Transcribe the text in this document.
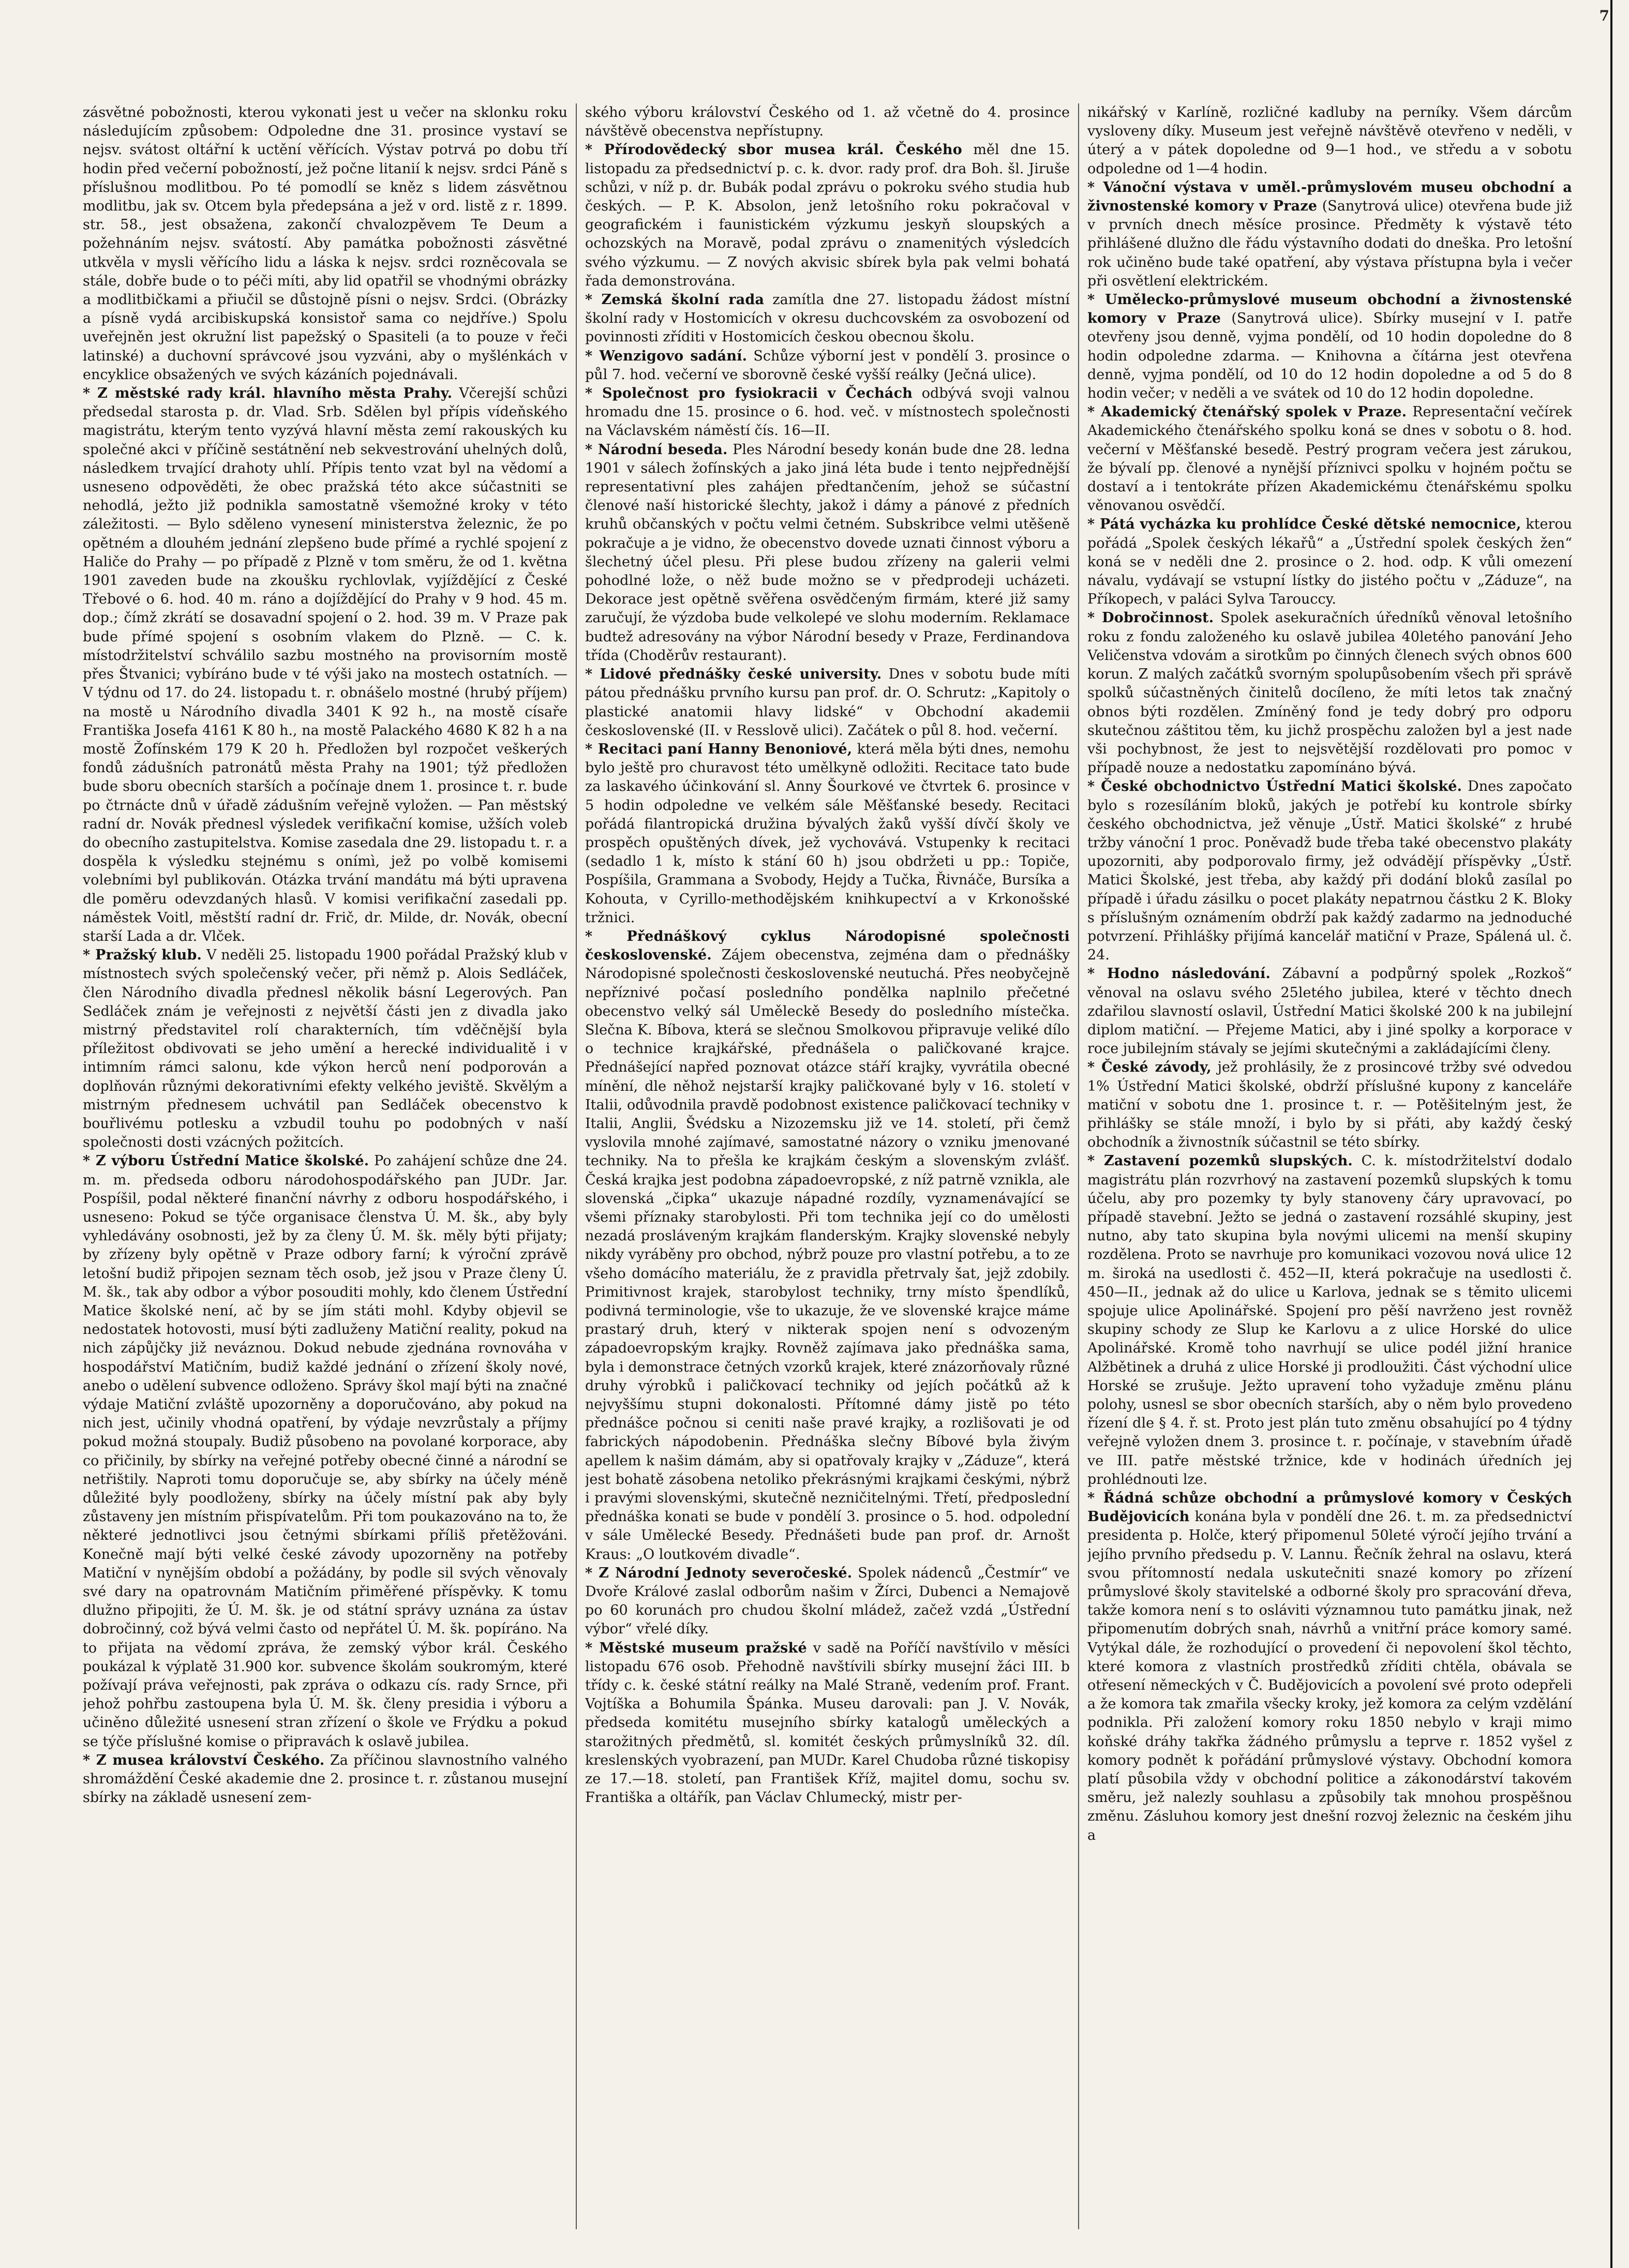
7

zásvětné pobožnosti, kterou vykonati jest u večer na sklonku roku následujícím způsobem: Odpoledne dne 31. prosince vystaví se nejsv. svátost oltářní k uctění věřících. Výstav potrvá po dobu tří hodin před večerní pobožností, jež počne litanií k nejsv. srdci Páně s příslušnou modlitbou. Po té pomodlí se kněz s lidem zásvětnou modlitbu, jak sv. Otcem byla předepsána a jež v ord. listě z r. 1899. str. 58., jest obsažena, zakončí chvalozpěvem Te Deum a požehnáním nejsv. svátostí. Aby památka pobožnosti zásvětné utkvěla v mysli věřícího lidu a láska k nejsv. srdci rozněcovala se stále, dobře bude o to péči míti, aby lid opatřil se vhodnými obrázky a modlitbičkami a přiučil se důstojně písni o nejsv. Srdci. (Obrázky a písně vydá arcibiskupská konsistoř sama co nejdříve.) Spolu uveřejněn jest okružní list papežský o Spasiteli (a to pouze v řeči latinské) a duchovní správcové jsou vyzváni, aby o myšlénkách v encyklice obsažených ve svých kázáních pojednávali.

* Z městské rady král. hlavního města Prahy. Včerejší schůzi předsedal starosta p. dr. Vlad. Srb. Sdělen byl přípis vídeňského magistrátu, kterým tento vyzývá hlavní města zemí rakouských ku společné akci v příčině sestátnění neb sekvestrování uhelných dolů, následkem trvající drahoty uhlí. Přípis tento vzat byl na vědomí a usneseno odpověděti, že obec pražská této akce súčastniti se nehodlá, ježto již podnikla samostatně všemožné kroky v této záležitosti. — Bylo sděleno vynesení ministerstva železnic, že po opětném a dlouhém jednání zlepšeno bude přímé a rychlé spojení z Haliče do Prahy — po případě z Plzně v tom směru, že od 1. května 1901 zaveden bude na zkoušku rychlovlak, vyjíždějící z České Třebové o 6. hod. 40 m. ráno a dojíždějící do Prahy v 9 hod. 45 m. dop.; čímž zkrátí se dosavadní spojení o 2. hod. 39 m. V Praze pak bude přímé spojení s osobním vlakem do Plzně. — C. k. místodržitelství schválilo sazbu mostného na provisorním mostě přes Štvanici; vybíráno bude v té výši jako na mostech ostatních. — V týdnu od 17. do 24. listopadu t. r. obnášelo mostné (hrubý příjem) na mostě u Národního divadla 3401 K 92 h., na mostě císaře Františka Josefa 4161 K 80 h., na mostě Palackého 4680 K 82 h a na mostě Žofínském 179 K 20 h. Předložen byl rozpočet veškerých fondů zádušních patronátů města Prahy na 1901; týž předložen bude sboru obecních starších a počínaje dnem 1. prosince t. r. bude po čtrnácte dnů v úřadě zádušním veřejně vyložen. — Pan městský radní dr. Novák přednesl výsledek verifikační komise, užších voleb do obecního zastupitelstva. Komise zasedala dne 29. listopadu t. r. a dospěla k výsledku stejnému s onímì, jež po volbě komisemi volebními byl publikován. Otázka trvání mandátu má býti upravena dle poměru odevzdaných hlasů. V komisi verifikační zasedali pp. náměstek Voitl, městští radní dr. Frič, dr. Milde, dr. Novák, obecní starší Lada a dr. Vlček.

* Pražský klub. V neděli 25. listopadu 1900 pořádal Pražský klub v místnostech svých společenský večer, při němž p. Alois Sedláček, člen Národního divadla přednesl několik básní Legerových. Pan Sedláček znám je veřejnosti z největší části jen z divadla jako mistrný představitel rolí charakterních, tím vděčnější byla příležitost obdivovati se jeho umění a herecké individualitě i v intimním rámci salonu, kde výkon herců není podporován a doplňován různými dekorativními efekty velkého jeviště. Skvělým a mistrným přednesem uchvátil pan Sedláček obecenstvo k bouřlivému potlesku a vzbudil touhu po podobných v naší společnosti dosti vzácných požitcích.

* Z výboru Ústřední Matice školské. Po zahájení schůze dne 24. m. m. předseda odboru národohospodářského pan JUDr. Jar. Pospíšil, podal některé finanční návrhy z odboru hospodářského, i usneseno: Pokud se týče organisace členstva Ú. M. šk., aby byly vyhledávány osobnosti, jež by za členy Ú. M. šk. měly býti přijaty; by zřízeny byly opětně v Praze odbory farní; k výroční zprávě letošní budiž připojen seznam těch osob, jež jsou v Praze členy Ú. M. šk., tak aby odbor a výbor posouditi mohly, kdo členem Ústřední Matice školské není, ač by se jím státi mohl. Kdyby objevil se nedostatek hotovosti, musí býti zadluženy Matiční reality, pokud na nich zápůjčky již neváznou. Dokud nebude zjednána rovnováha v hospodářství Matičním, budiž každé jednání o zřízení školy nové, anebo o udělení subvence odloženo. Správy škol mají býti na značné výdaje Matiční zvláště upozorněny a doporučováno, aby pokud na nich jest, učinily vhodná opatření, by výdaje nevzrůstaly a příjmy pokud možná stoupaly. Budiž působeno na povolané korporace, aby co přičinily, by sbírky na veřejné potřeby obecné činné a národní se netřištily. Naproti tomu doporučuje se, aby sbírky na účely méně důležité byly poodloženy, sbírky na účely místní pak aby byly zůstaveny jen místním přispívatelům. Při tom poukazováno na to, že některé jednotlivci jsou četnými sbírkami příliš přetěžováni. Konečně mají býti velké české závody upozorněny na potřeby Matiční v nynějším období a požádány, by podle sil svých věnovaly své dary na opatrovnám Matičním přiměřené příspěvky. K tomu dlužno připojiti, že Ú. M. šk. je od státní správy uznána za ústav dobročinný, což bývá velmi často od nepřátel Ú. M. šk. popíráno. Na to přijata na vědomí zpráva, že zemský výbor král. Českého poukázal k výplatě 31.900 kor. subvence školám soukromým, které požívají práva veřejnosti, pak zpráva o odkazu cís. rady Srnce, při jehož pohřbu zastoupena byla Ú. M. šk. členy presidia i výboru a učiněno důležité usnesení stran zřízení o škole ve Frýdku a pokud se týče příslušné komise o připravách k oslavě jubilea.

* Z musea království Českého. Za příčinou slavnostního valného shromáždění České akademie dne 2. prosince t. r. zůstanou musejní sbírky na základě usnesení zem-

ského výboru království Českého od 1. až včetně do 4. prosince návštěvě obecenstva nepřístupny.

* Přírodovědecký sbor musea král. Českého měl dne 15. listopadu za předsednictví p. c. k. dvor. rady prof. dra Boh. šl. Jiruše schůzi, v níž p. dr. Bubák podal zprávu o pokroku svého studia hub českých. — P. K. Absolon, jenž letošního roku pokračoval v geografickém i faunistickém výzkumu jeskyň sloupských a ochozských na Moravě, podal zprávu o znamenitých výsledcích svého výzkumu. — Z nových akvisic sbírek byla pak velmi bohatá řada demonstrována.

* Zemská školní rada zamítla dne 27. listopadu žádost místní školní rady v Hostomicích v okresu duchcovském za osvobození od povinnosti zříditi v Hostomicích českou obecnou školu.

* Wenzigovo sadání. Schůze výborní jest v pondělí 3. prosince o půl 7. hod. večerní ve sborovně české vyšší reálky (Ječná ulice).

* Společnost pro fysiokracii v Čechách odbývá svoji valnou hromadu dne 15. prosince o 6. hod. več. v místnostech společnosti na Václavském náměstí čís. 16—II.

* Národní beseda. Ples Národní besedy konán bude dne 28. ledna 1901 v sálech žofínských a jako jiná léta bude i tento nejpřednější representativní ples zahájen předtančením, jehož se súčastní členové naší historické šlechty, jakož i dámy a pánové z předních kruhů občanských v počtu velmi četném. Subskribce velmi utěšeně pokračuje a je vidno, že obecenstvo dovede uznati činnost výboru a šlechetný účel plesu. Při plese budou zřízeny na galerii velmi pohodlné lože, o něž bude možno se v předprodeji ucházeti. Dekorace jest opětně svěřena osvědčeným firmám, které již samy zaručují, že výzdoba bude velkolepé ve slohu moderním. Reklamace budtež adresovány na výbor Národní besedy v Praze, Ferdinandova třída (Choděrův restaurant).

* Lidové přednášky české university. Dnes v sobotu bude míti pátou přednášku prvního kursu pan prof. dr. O. Schrutz: „Kapitoly o plastické anatomii hlavy lidské“ v Obchodní akademii československé (II. v Resslově ulici). Začátek o půl 8. hod. večerní.

* Recitaci paní Hanny Benoniové, která měla býti dnes, nemohu bylo ještě pro churavost této umělkyně odložiti. Recitace tato bude za laskavého účinkování sl. Anny Šourkové ve čtvrtek 6. prosince v 5 hodin odpoledne ve velkém sále Měšťanské besedy. Recitaci pořádá filantropická družina bývalých žaků vyšší dívčí školy ve prospěch opuštěných dívek, jež vychovává. Vstupenky k recitaci (sedadlo 1 k, místo k stání 60 h) jsou obdržeti u pp.: Topiče, Pospíšila, Grammana a Svobody, Hejdy a Tučka, Řivnáče, Bursíka a Kohouta, v Cyrillo-methodějském knihkupectví a v Krkonošské tržnici.

* Přednáškový cyklus Národopisné společnosti československé. Zájem obecenstva, zejména dam o přednášky Národopisné společnosti československé neutuchá. Přes neobyčejně nepříznivé počasí posledního pondělka naplnilo přečetné obecenstvo velký sál Uměleckě Besedy do posledního místečka. Slečna K. Bíbova, která se slečnou Smolkovou připravuje veliké dílo o technice krajkářské, přednášela o paličkované krajce. Přednášející napřed poznovat otázce stáří krajky, vyvrátila obecné mínění, dle něhož nejstarší krajky paličkované byly v 16. století v Italii, odůvodnila pravdě podobnost existence paličkovací techniky v Italii, Anglii, Švédsku a Nizozemsku již ve 14. století, při čemž vyslovila mnohé zajímavé, samostatné názory o vzniku jmenované techniky. Na to přešla ke krajkám českým a slovenským zvlášť. Česká krajka jest podobna západoevropské, z níž patrně vznikla, ale slovenská „čipka“ ukazuje nápadné rozdíly, vyznamenávající se všemi příznaky starobylosti. Při tom technika její co do umělosti nezadá prosláveným krajkám flanderským. Krajky slovenské nebyly nikdy vyráběny pro obchod, nýbrž pouze pro vlastní potřebu, a to ze všeho domácího materiálu, že z pravidla přetrvaly šat, jejž zdobily. Primitivnost krajek, starobylost techniky, trny místo špendlíků, podivná terminologie, vše to ukazuje, že ve slovenské krajce máme prastarý druh, který v nikterak spojen není s odvozeným západoevropským krajky. Rovněž zajímava jako přednáška sama, byla i demonstrace četných vzorků krajek, které znázorňovaly různé druhy výrobků i paličkovací techniky od jejích počátků až k nejvyššímu stupni dokonalosti. Přítomné dámy jistě po této přednášce počnou si ceniti naše pravé krajky, a rozlišovati je od fabrických nápodobenin. Přednáška slečny Bíbové byla živým apellem k našim dámám, aby si opatřovaly krajky v „Záduze“, která jest bohatě zásobena netoliko překrásnými krajkami českými, nýbrž i pravými slovenskými, skutečně nezničitelnými. Třetí, předposlední přednáška konati se bude v pondělí 3. prosince o 5. hod. odpolední v sále Umělecké Besedy. Přednášeti bude pan prof. dr. Arnošt Kraus: „O loutkovém divadle“.

* Z Národní Jednoty severočeské. Spolek nádenců „Čestmír“ ve Dvoře Králové zaslal odborům našim v Žírci, Dubenci a Nemajově po 60 korunách pro chudou školní mládež, začež vzdá „Ústřední výbor“ vřelé díky.

* Městské museum pražské v sadě na Poříčí navštívilo v měsíci listopadu 676 osob. Přehodně navštívili sbírky musejní žáci III. b třídy c. k. české státní reálky na Malé Straně, vedením prof. Frant. Vojtíška a Bohumila Špánka. Museu darovali: pan J. V. Novák, předseda komitétu musejního sbírky katalogů uměleckých a starožitných předmětů, sl. komitét českých průmyslníků 32. díl. kreslenských vyobrazení, pan MUDr. Karel Chudoba různé tiskopisy ze 17.—18. století, pan František Kříž, majitel domu, sochu sv. Františka a oltářík, pan Václav Chlumecký, mistr per-

nikářský v Karlíně, rozličné kadluby na perníky. Všem dárcům vysloveny díky. Museum jest veřejně návštěvě otevřeno v neděli, v úterý a v pátek dopoledne od 9—1 hod., ve středu a v sobotu odpoledne od 1—4 hodin.

* Vánoční výstava v uměl.-průmyslovém museu obchodní a živnostenské komory v Praze (Sanytrová ulice) otevřena bude již v prvních dnech měsíce prosince. Předměty k výstavě této přihlášené dlužno dle řádu výstavního dodati do dneška. Pro letošní rok učiněno bude také opatření, aby výstava přístupna byla i večer při osvětlení elektrickém.

* Umělecko-průmyslové museum obchodní a živnostenské komory v Praze (Sanytrová ulice). Sbírky musejní v I. patře otevřeny jsou denně, vyjma pondělí, od 10 hodin dopoledne do 8 hodin odpoledne zdarma. — Knihovna a čítárna jest otevřena denně, vyjma pondělí, od 10 do 12 hodin dopoledne a od 5 do 8 hodin večer; v neděli a ve svátek od 10 do 12 hodin dopoledne.

* Akademický čtenářský spolek v Praze. Representační večírek Akademického čtenářského spolku koná se dnes v sobotu o 8. hod. večerní v Měšťanské besedě. Pestrý program večera jest zárukou, že bývalí pp. členové a nynější příznivci spolku v hojném počtu se dostaví a i tentokráte přízen Akademickému čtenářskému spolku věnovanou osvědčí.

* Pátá vycházka ku prohlídce České dětské nemocnice, kterou pořádá „Spolek českých lékařů“ a „Ústřední spolek českých žen“ koná se v neděli dne 2. prosince o 2. hod. odp. K vůli omezení návalu, vydávají se vstupní lístky do jistého počtu v „Záduze“, na Příkopech, v paláci Sylva Tarouccy.

* Dobročinnost. Spolek asekuračních úředníků věnoval letošního roku z fondu založeného ku oslavě jubilea 40letého panování Jeho Veličenstva vdovám a sirotkům po činných členech svých obnos 600 korun. Z malých začátků svorným spolupůsobením všech při správě spolků súčastněných činitelů docíleno, že míti letos tak značný obnos býti rozdělen. Zmíněný fond je tedy dobrý pro odporu skutečnou záštitou těm, ku jichž prospěchu založen byl a jest nade vši pochybnost, že jest to nejsvětější rozdělovati pro pomoc v případě nouze a nedostatku zapomínáno bývá.

* České obchodnictvo Ústřední Matici školské. Dnes započato bylo s rozesíláním bloků, jakých je potřebí ku kontrole sbírky českého obchodnictva, jež věnuje „Ústř. Matici školské“ z hrubé tržby vánoční 1 proc. Poněvadž bude třeba také obecenstvo plakáty upozorniti, aby podporovalo firmy, jež odvádějí příspěvky „Ústř. Matici Školské, jest třeba, aby každý při dodání bloků zasílal po případě i úřadu zásilku o pocet plakáty nepatrnou částku 2 K. Bloky s příslušným oznámením obdrží pak každý zadarmo na jednoduché potvrzení. Přihlášky přijímá kancelář matiční v Praze, Spálená ul. č. 24.

* Hodno následování. Zábavní a podpůrný spolek „Rozkoš“ věnoval na oslavu svého 25letého jubilea, které v těchto dnech zdařilou slavností oslavil, Ústřední Matici školské 200 k na jubilejní diplom matiční. — Přejeme Matici, aby i jiné spolky a korporace v roce jubilejním stávaly se jejími skutečnými a zakládajícími členy.

* České závody, jež prohlásily, že z prosincové tržby své odvedou 1% Ústřední Matici školské, obdrží příslušné kupony z kanceláře matiční v sobotu dne 1. prosince t. r. — Potěšitelným jest, že přihlášky se stále množí, i bylo by si přáti, aby každý český obchodník a živnostník súčastnil se této sbírky.

* Zastavení pozemků slupských. C. k. místodržitelství dodalo magistrátu plán rozvrhový na zastavení pozemků slupských k tomu účelu, aby pro pozemky ty byly stanoveny čáry upravovací, po případě stavební. Ježto se jedná o zastavení rozsáhlé skupiny, jest nutno, aby tato skupina byla novými ulicemi na menší skupiny rozdělena. Proto se navrhuje pro komunikaci vozovou nová ulice 12 m. široká na usedlosti č. 452—II, která pokračuje na usedlosti č. 450—II., jednak až do ulice u Karlova, jednak se s těmito ulicemi spojuje ulice Apolinářské. Spojení pro pěší navrženo jest rovněž skupiny schody ze Slup ke Karlovu a z ulice Horské do ulice Apolinářské. Kromě toho navrhují se ulice podél jižní hranice Alžbětinek a druhá z ulice Horské ji prodloužiti. Část východní ulice Horské se zrušuje. Ježto upravení toho vyžaduje změnu plánu polohy, usnesl se sbor obecních starších, aby o něm bylo provedeno řízení dle § 4. ř. st. Proto jest plán tuto změnu obsahující po 4 týdny veřejně vyložen dnem 3. prosince t. r. počínaje, v stavebním úřadě ve III. patře městské tržnice, kde v hodinách úředních jej prohlédnouti lze.

* Řádná schůze obchodní a průmyslové komory v Českých Budějovicích konána byla v pondělí dne 26. t. m. za předsednictví presidenta p. Holče, který připomenul 50leté výročí jejího trvání a jejího prvního předsedu p. V. Lannu. Řečník žehral na oslavu, která svou přítomností nedala uskutečniti snazé komory po zřízení průmyslové školy stavitelské a odborné školy pro spracování dřeva, takže komora není s to osláviti významnou tuto památku jinak, než připomenutím dobrých snah, návrhů a vnitřní práce komory samé. Vytýkal dále, že rozhodující o provedení či nepovolení škol těchto, které komora z vlastních prostředků zříditi chtěla, obávala se otřesení německých v Č. Budějovicích a povolení své proto odepřeli a že komora tak zmařila všecky kroky, jež komora za celým vzdělání podnikla. Při založení komory roku 1850 nebylo v kraji mimo koňské dráhy takřka žádného průmyslu a teprve r. 1852 vyšel z komory podnět k pořádání průmyslové výstavy. Obchodní komora platí působila vždy v obchodní politice a zákonodárství takovém směru, jež nalezly souhlasu a způsobily tak mnohou prospěšnou změnu. Zásluhou komory jest dnešní rozvoj železnic na českém jihu a
